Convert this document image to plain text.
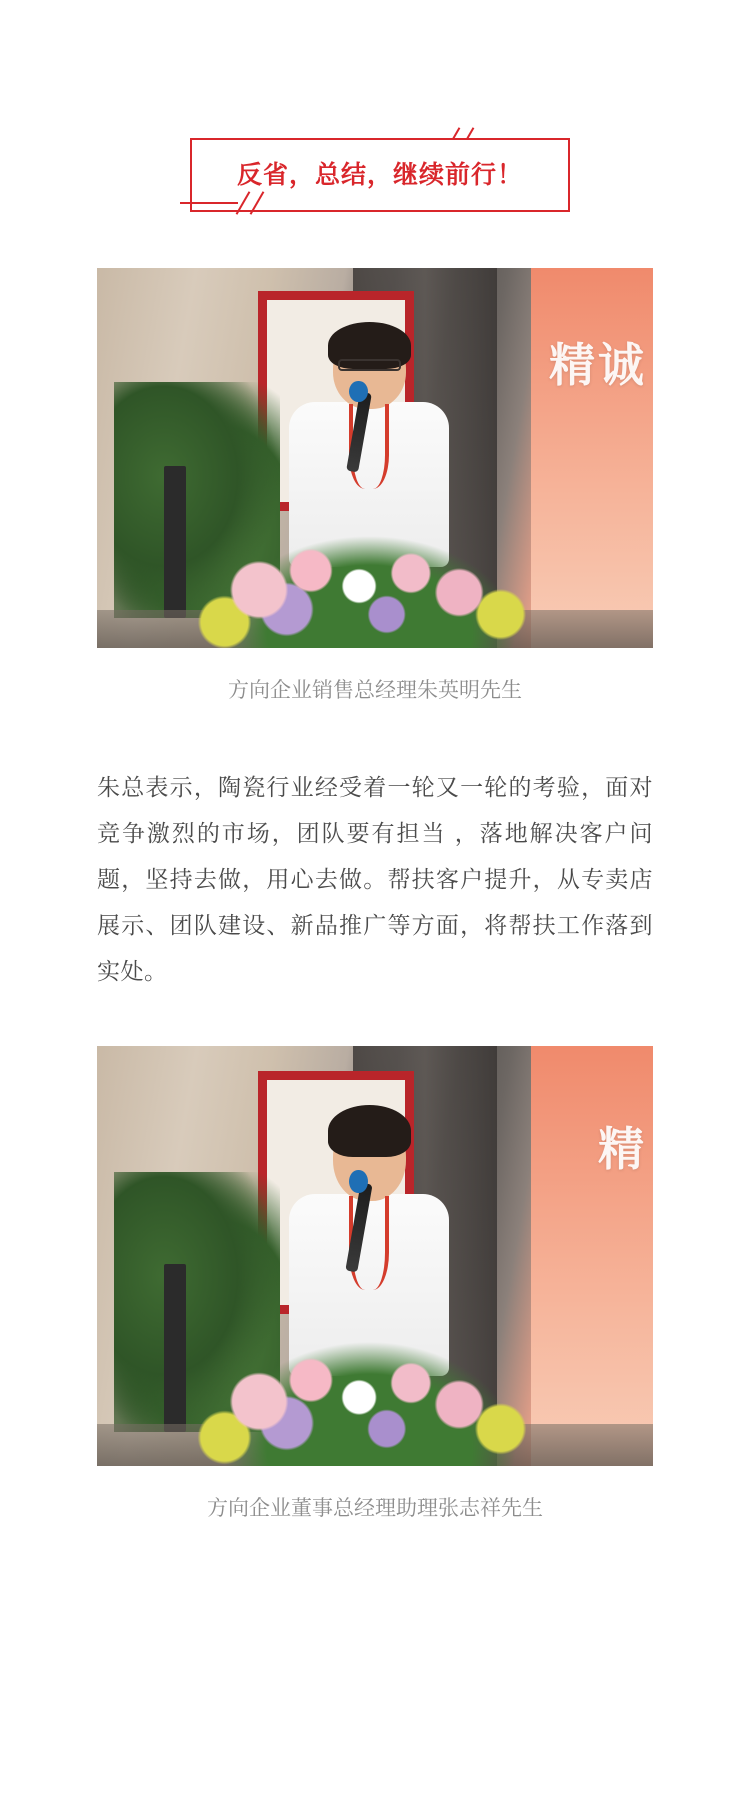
反省，总结，继续前行！
精诚
方向企业销售总经理朱英明先生

朱总表示，陶瓷行业经受着一轮又一轮的考验，面对竞争激烈的市场，团队要有担当 ，落地解决客户问题，坚持去做，用心去做。帮扶客户提升，从专卖店展示、团队建设、新品推广等方面，将帮扶工作落到实处。

精
方向企业董事总经理助理张志祥先生
